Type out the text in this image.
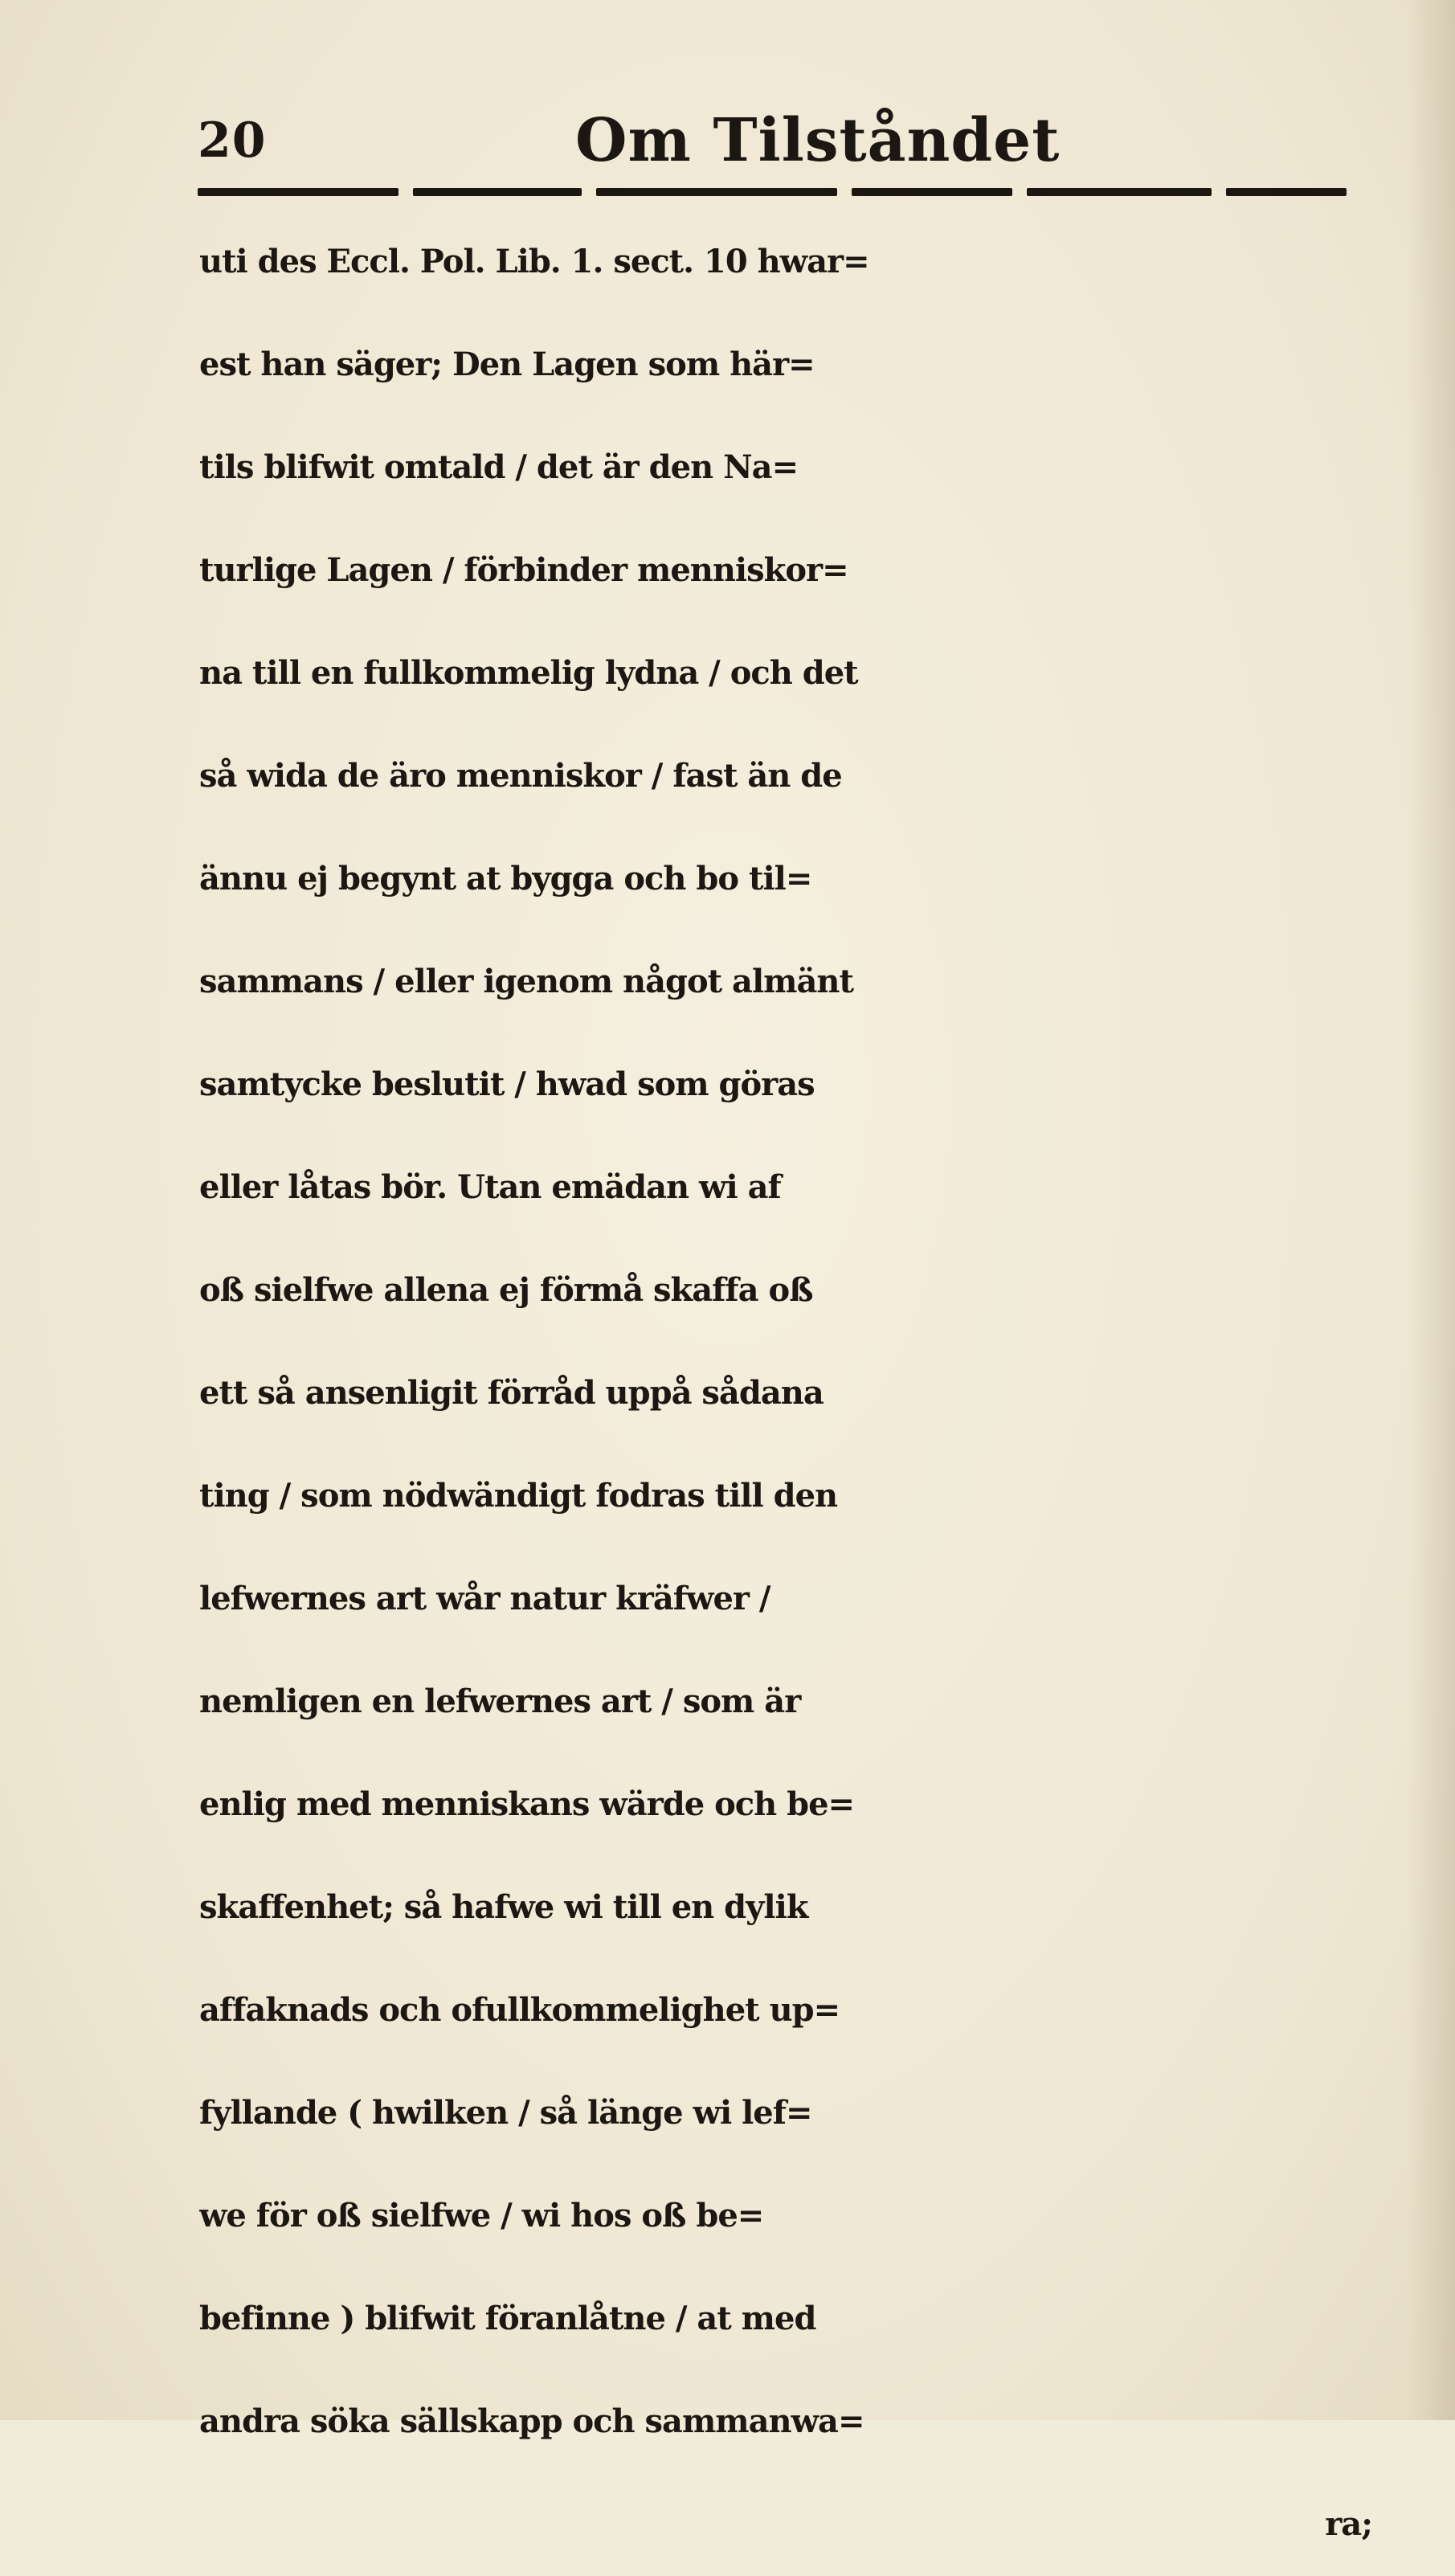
20	Om Tilståndet
uti des Eccl. Pol. Lib. 1. sect. 10 hwar=
est han säger; Den Lagen som här=
tils blifwit omtald / det är den Na=
turlige Lagen / förbinder menniskor=
na till en fullkommelig lydna / och det
så wida de äro menniskor / fast än de
ännu ej begynt at bygga och bo til=
sammans / eller igenom något almänt
samtycke beslutit / hwad som göras
eller låtas bör. Utan emädan wi af
oß sielfwe allena ej förmå skaffa oß
ett så ansenligit förråd uppå sådana
ting / som nödwändigt fodras till den
lefwernes art wår natur kräfwer /
nemligen en lefwernes art / som är
enlig med menniskans wärde och be=
skaffenhet; så hafwe wi till en dylik
affaknads och ofullkommelighet up=
fyllande ( hwilken / så länge wi lef=
we för oß sielfwe / wi hos oß be=
befinne ) blifwit föranlåtne / at med
andra söka sällskapp och sammanwa=
ra;
